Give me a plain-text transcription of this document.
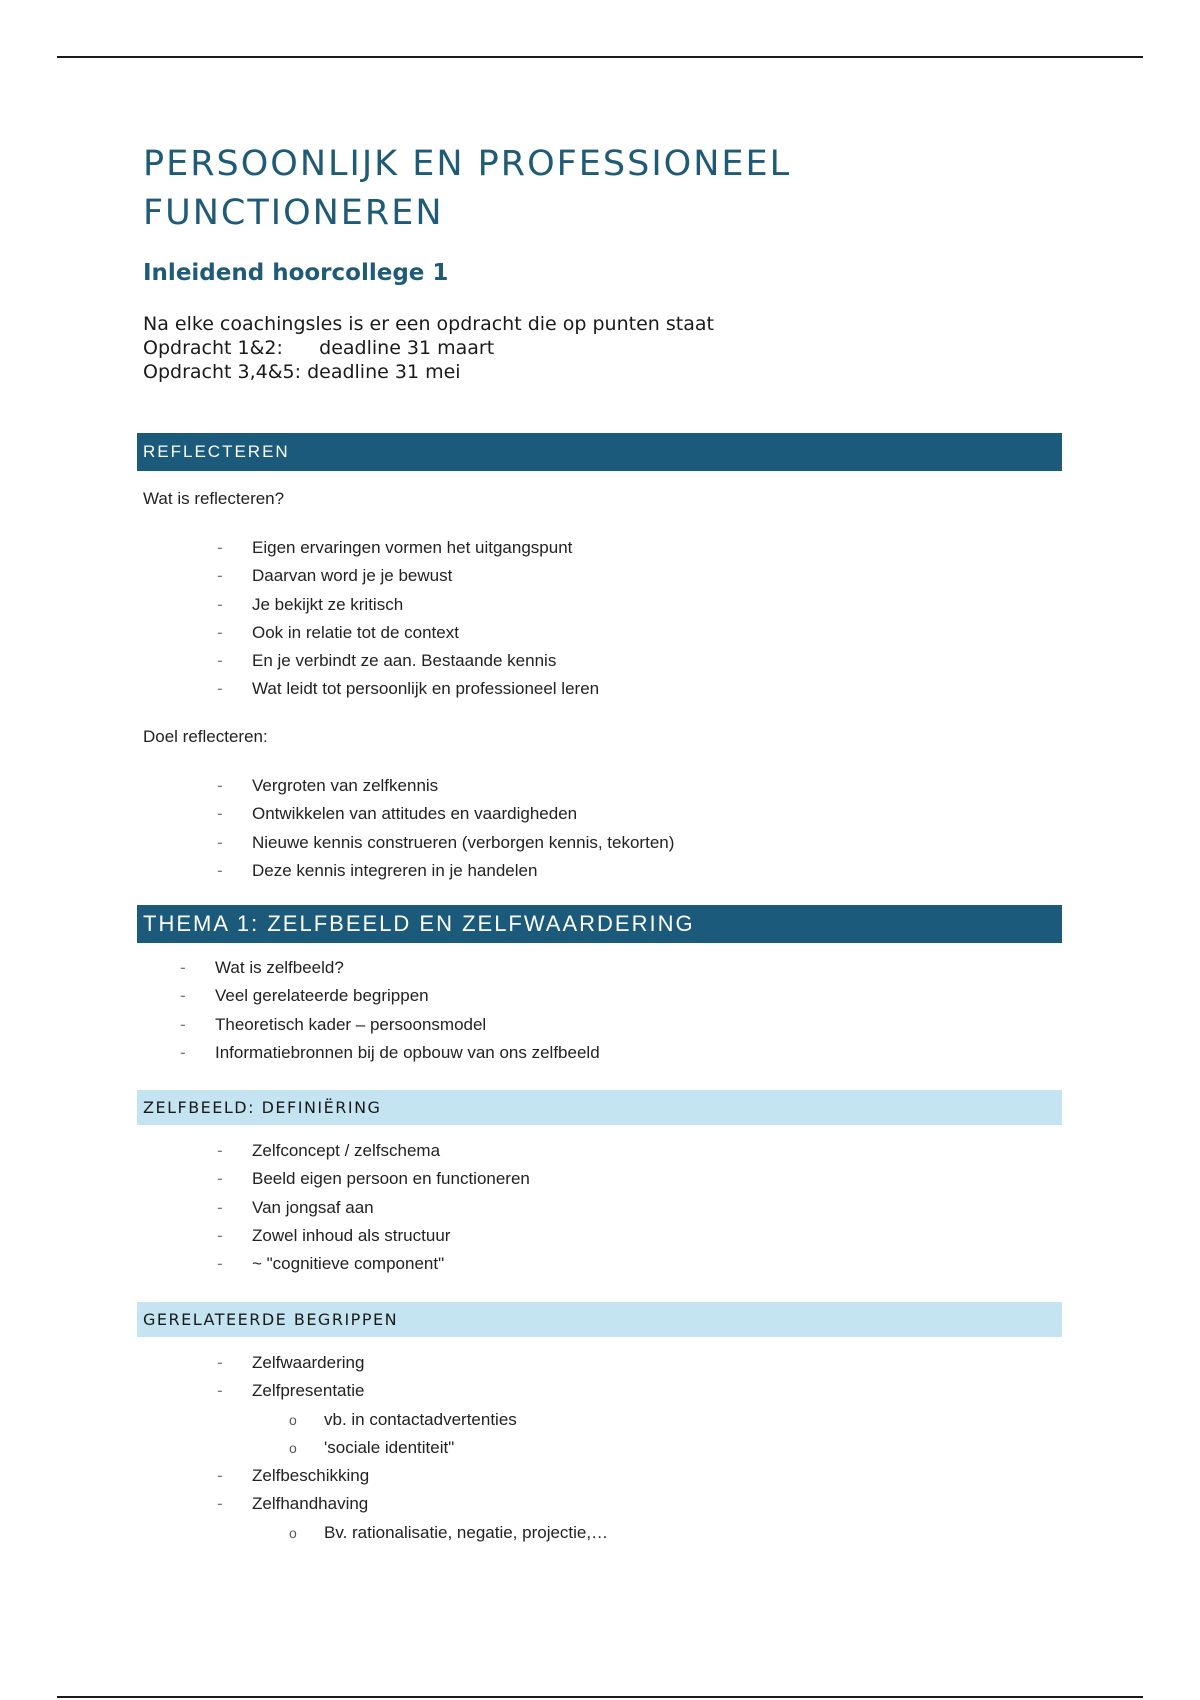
PERSOONLIJK EN PROFESSIONEEL
FUNCTIONEREN
Inleidend hoorcollege 1
Na elke coachingsles is er een opdracht die op punten staat
Opdracht 1&2:      deadline 31 maart
Opdracht 3,4&5: deadline 31 mei
REFLECTEREN
Wat is reflecteren?
- Eigen ervaringen vormen het uitgangspunt
- Daarvan word je je bewust
- Je bekijkt ze kritisch
- Ook in relatie tot de context
- En je verbindt ze aan. Bestaande kennis
- Wat leidt tot persoonlijk en professioneel leren
Doel reflecteren:
- Vergroten van zelfkennis
- Ontwikkelen van attitudes en vaardigheden
- Nieuwe kennis construeren (verborgen kennis, tekorten)
- Deze kennis integreren in je handelen
THEMA 1: ZELFBEELD EN ZELFWAARDERING
- Wat is zelfbeeld?
- Veel gerelateerde begrippen
- Theoretisch kader – persoonsmodel
- Informatiebronnen bij de opbouw van ons zelfbeeld
ZELFBEELD: DEFINIËRING
- Zelfconcept / zelfschema
- Beeld eigen persoon en functioneren
- Van jongsaf aan
- Zowel inhoud als structuur
- ~ "cognitieve component"
GERELATEERDE BEGRIPPEN
- Zelfwaardering
- Zelfpresentatie
o vb. in contactadvertenties
o 'sociale identiteit"
- Zelfbeschikking
- Zelfhandhaving
o Bv. rationalisatie, negatie, projectie,…
